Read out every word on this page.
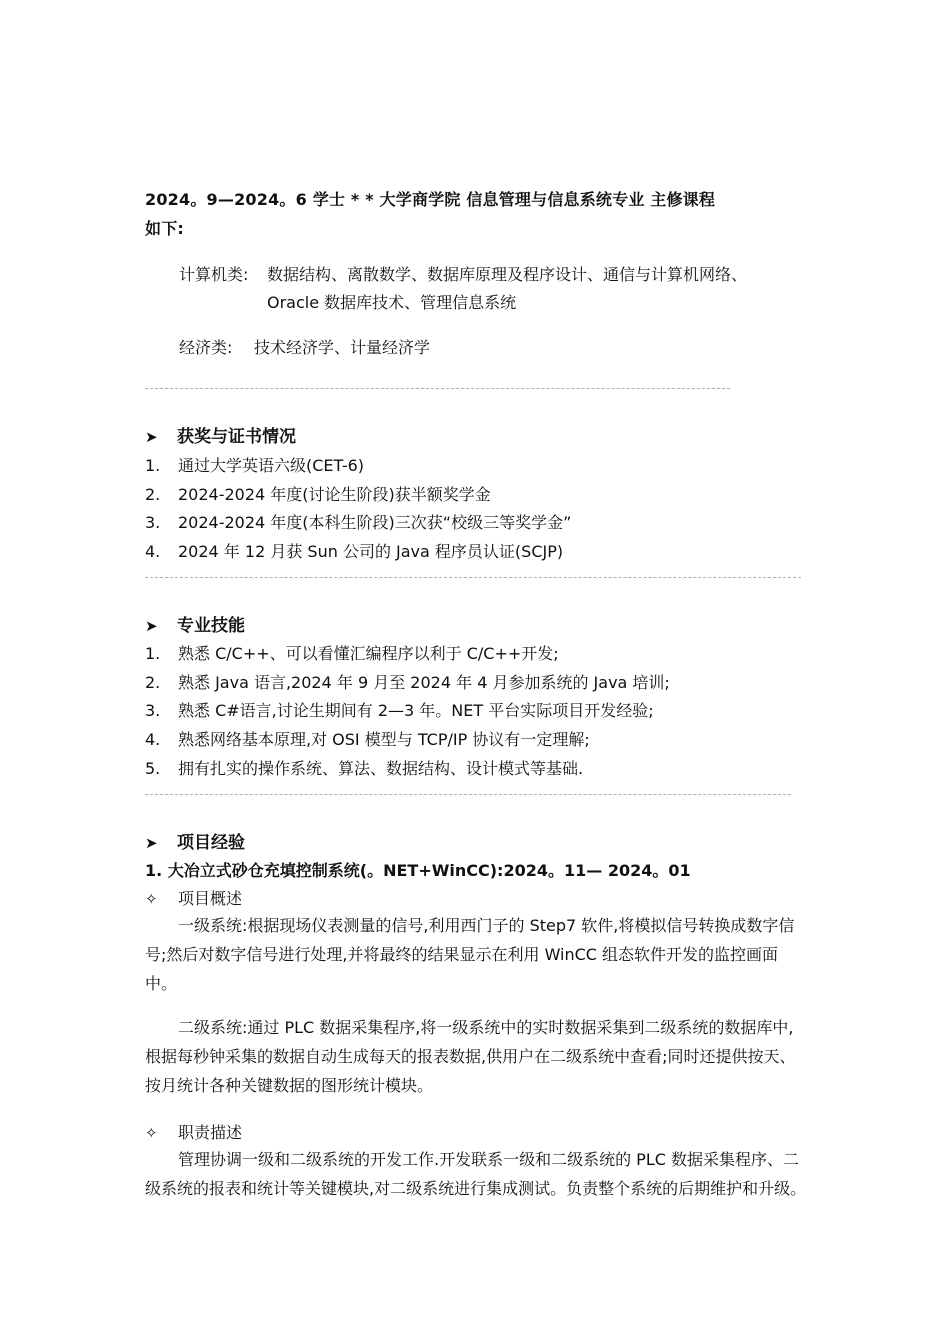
2024。9—2024。6 学士 * * 大学商学院 信息管理与信息系统专业 主修课程
如下:
计算机类: 数据结构、离散数学、数据库原理及程序设计、通信与计算机网络、
Oracle 数据库技术、管理信息系统
经济类: 技术经济学、计量经济学
➤ 获奖与证书情况
1. 通过大学英语六级(CET-6)
2. 2024-2024 年度(讨论生阶段)获半额奖学金
3. 2024-2024 年度(本科生阶段)三次获“校级三等奖学金”
4. 2024 年 12 月获 Sun 公司的 Java 程序员认证(SCJP)
➤ 专业技能
1. 熟悉 C/C++、可以看懂汇编程序以利于 C/C++开发;
2. 熟悉 Java 语言,2024 年 9 月至 2024 年 4 月参加系统的 Java 培训;
3. 熟悉 C#语言,讨论生期间有 2—3 年。NET 平台实际项目开发经验;
4. 熟悉网络基本原理,对 OSI 模型与 TCP/IP 协议有一定理解;
5. 拥有扎实的操作系统、算法、数据结构、设计模式等基础.
➤ 项目经验
1. 大冶立式砂仓充填控制系统(。NET+WinCC):2024。11— 2024。01
✧ 项目概述
一级系统:根据现场仪表测量的信号,利用西门子的 Step7 软件,将模拟信号转换成数字信号;然后对数字信号进行处理,并将最终的结果显示在利用 WinCC 组态软件开发的监控画面中。
二级系统:通过 PLC 数据采集程序,将一级系统中的实时数据采集到二级系统的数据库中,根据每秒钟采集的数据自动生成每天的报表数据,供用户在二级系统中查看;同时还提供按天、按月统计各种关键数据的图形统计模块。
✧ 职责描述
管理协调一级和二级系统的开发工作.开发联系一级和二级系统的 PLC 数据采集程序、二级系统的报表和统计等关键模块,对二级系统进行集成测试。负责整个系统的后期维护和升级。
